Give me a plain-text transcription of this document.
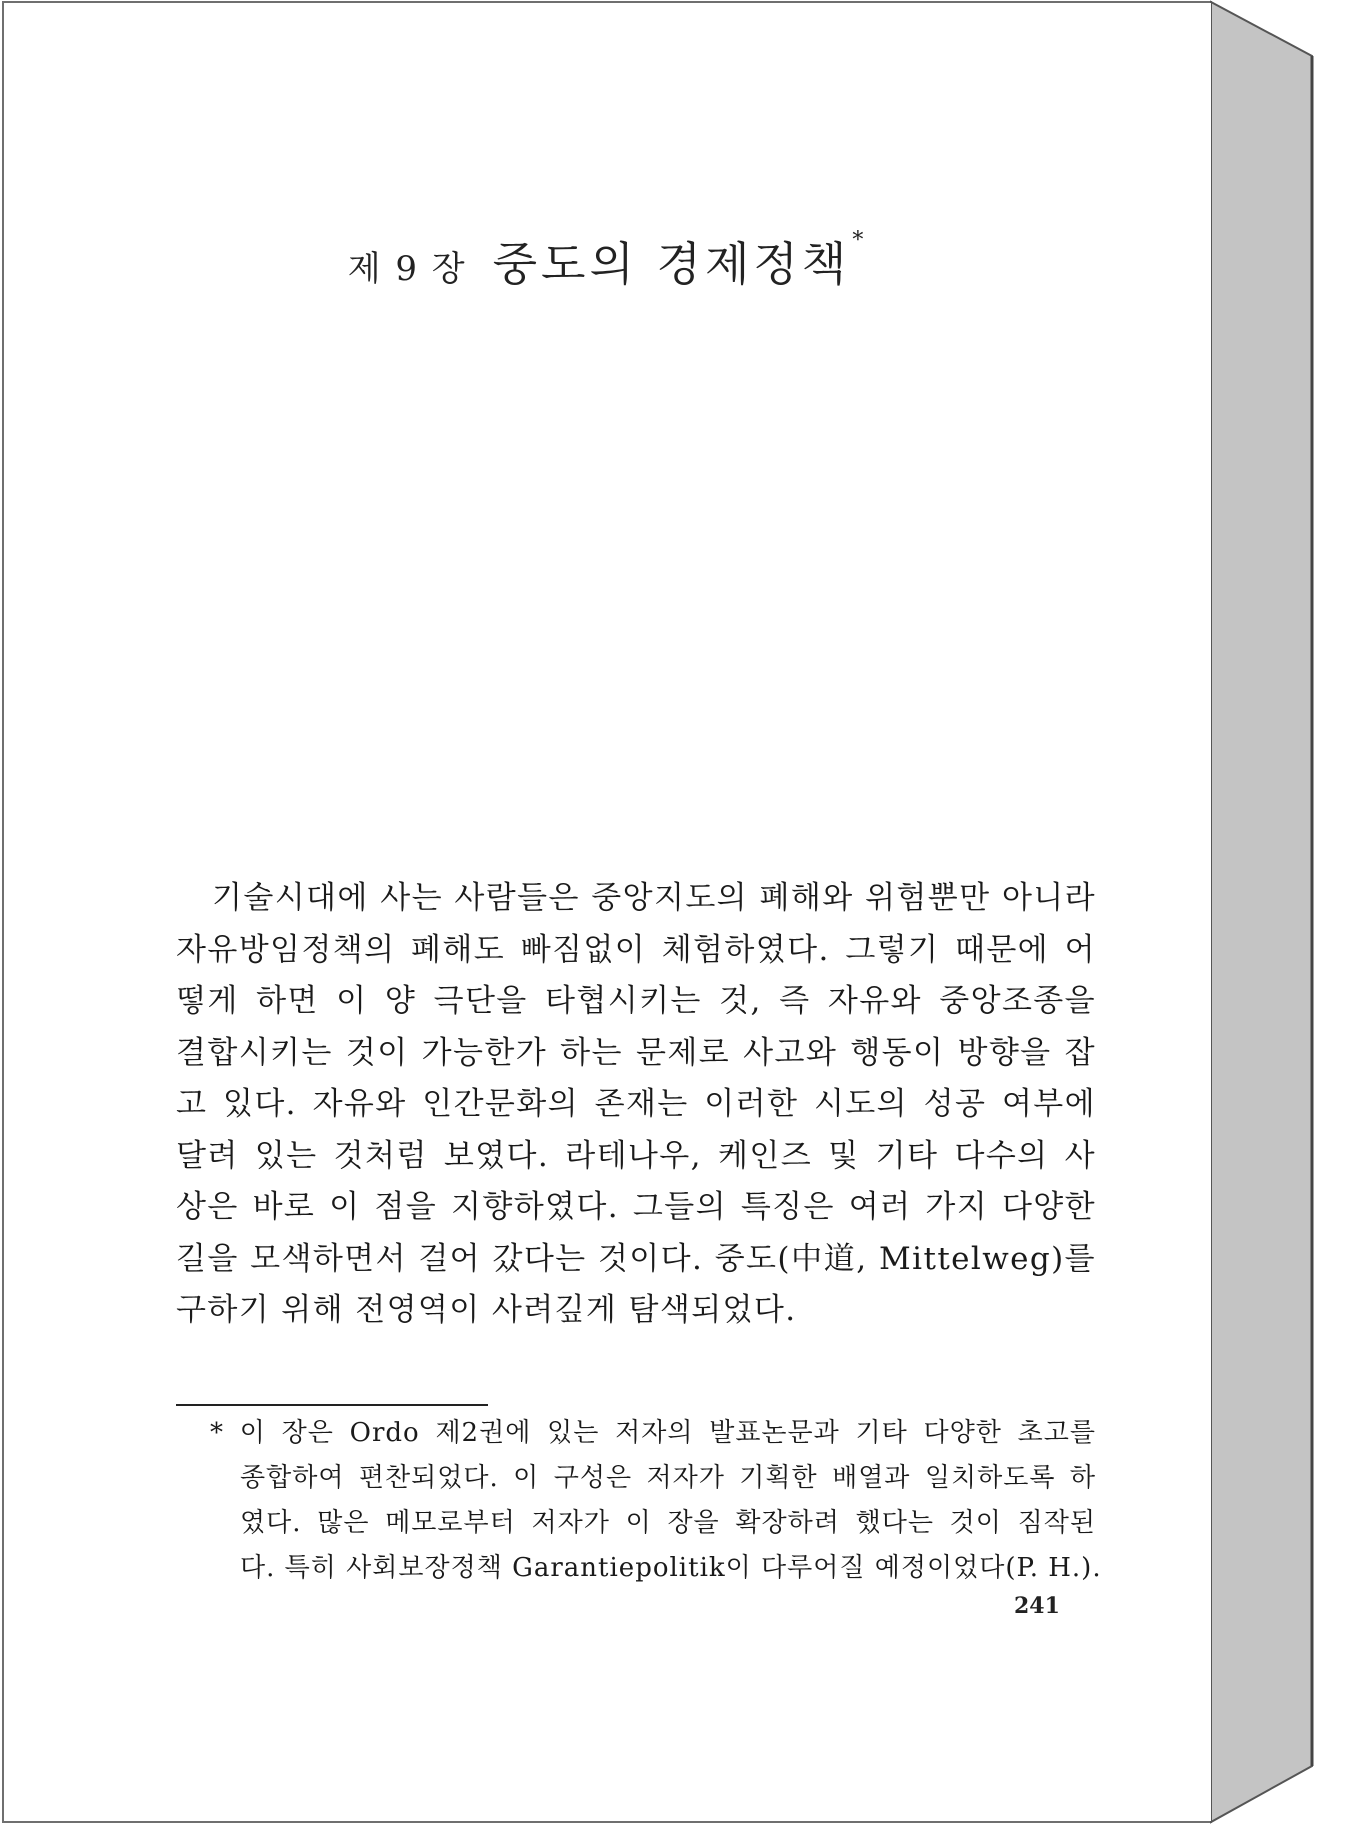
제 9 장 중도의 경제정책*
기술시대에 사는 사람들은 중앙지도의 폐해와 위험뿐만 아니라
자유방임정책의 폐해도 빠짐없이 체험하였다. 그렇기 때문에 어
떻게 하면 이 양 극단을 타협시키는 것, 즉 자유와 중앙조종을
결합시키는 것이 가능한가 하는 문제로 사고와 행동이 방향을 잡
고 있다. 자유와 인간문화의 존재는 이러한 시도의 성공 여부에
달려 있는 것처럼 보였다. 라테나우, 케인즈 및 기타 다수의 사
상은 바로 이 점을 지향하였다. 그들의 특징은 여러 가지 다양한
길을 모색하면서 걸어 갔다는 것이다. 중도(中道, Mittelweg)를
구하기 위해 전영역이 사려깊게 탐색되었다.
* 이 장은 Ordo 제2권에 있는 저자의 발표논문과 기타 다양한 초고를
종합하여 편찬되었다. 이 구성은 저자가 기획한 배열과 일치하도록 하
였다. 많은 메모로부터 저자가 이 장을 확장하려 했다는 것이 짐작된
다. 특히 사회보장정책 Garantiepolitik이 다루어질 예정이었다(P. H.).
241
